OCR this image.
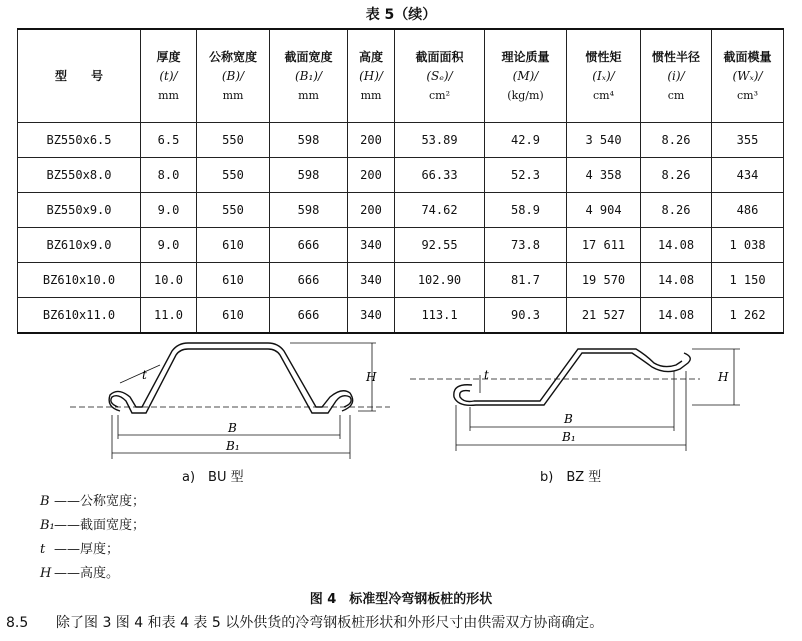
表 5（续）
型　　号	厚度
(t)/
mm	公称宽度
(B)/
mm	截面宽度
(B₁)/
mm	高度
(H)/
mm	截面面积
(Sₑ)/
cm²	理论质量
(M)/
(kg/m)	惯性矩
(Iₓ)/
cm⁴	惯性半径
(i)/
cm	截面模量
(Wₓ)/
cm³

BZ550x6.5	6.5	550	598	200	53.89	42.9	3 540	8.26	355
BZ550x8.0	8.0	550	598	200	66.33	52.3	4 358	8.26	434
BZ550x9.0	9.0	550	598	200	74.62	58.9	4 904	8.26	486
BZ610x9.0	9.0	610	666	340	92.55	73.8	17 611	14.08	1 038
BZ610x10.0	10.0	610	666	340	102.90	81.7	19 570	14.08	1 150
BZ610x11.0	11.0	610	666	340	113.1	90.3	21 527	14.08	1 262
B
B₁
H
t
B
B₁
H
t
a)　BU 型	b)　BZ 型
B ——公称宽度；
B₁——截面宽度；
t ——厚度；
H ——高度。
图 4　标准型冷弯钢板桩的形状
8.5 除了图 3 图 4 和表 4 表 5 以外供货的冷弯钢板桩形状和外形尺寸由供需双方协商确定。
